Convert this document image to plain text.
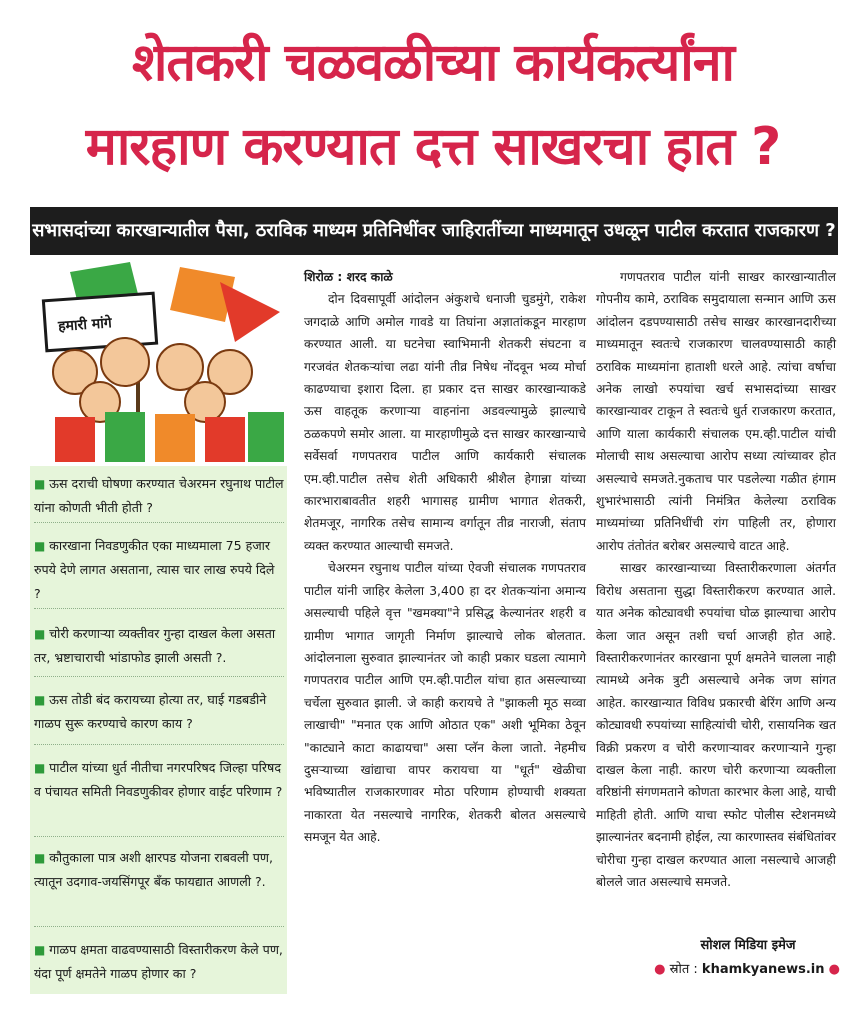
शेतकरी चळवळीच्या कार्यकर्त्यांना
मारहाण करण्यात दत्त साखरचा हात ?
सभासदांच्या कारखान्यातील पैसा, ठराविक माध्यम प्रतिनिधींवर जाहिरातींच्या माध्यमातून उधळून पाटील करतात राजकारण ?
हमारी मांगे
■ ऊस दराची घोषणा करण्यात चेअरमन रघुनाथ पाटील यांना कोणती भीती होती ?
■ कारखाना निवडणुकीत एका माध्यमाला 75 हजार रुपये देणे लागत असताना, त्यास चार लाख रुपये दिले ?
■ चोरी करणाऱ्या व्यक्तीवर गुन्हा दाखल केला असता तर, भ्रष्टाचाराची भांडाफोड झाली असती ?.
■ ऊस तोडी बंद करायच्या होत्या तर, घाई गडबडीने गाळप सुरू करण्याचे कारण काय ?
■ पाटील यांच्या धुर्त नीतीचा नगरपरिषद जिल्हा परिषद व पंचायत समिती निवडणुकीवर होणार वाईट परिणाम ?
■ कौतुकाला पात्र अशी क्षारपड योजना राबवली पण, त्यातून उदगाव-जयसिंगपूर बँक फायद्यात आणली ?.
■ गाळप क्षमता वाढवण्यासाठी विस्तारीकरण केले पण, यंदा पूर्ण क्षमतेने गाळप होणार का ?

शिरोळ : शरद काळे

दोन दिवसापूर्वी आंदोलन अंकुशचे धनाजी चुडमुंगे, राकेश जगदाळे आणि अमोल गावडे या तिघांना अज्ञातांकडून मारहाण करण्यात आली. या घटनेचा स्वाभिमानी शेतकरी संघटना व गरजवंत शेतकऱ्यांचा लढा यांनी तीव्र निषेध नोंदवून भव्य मोर्चा काढण्याचा इशारा दिला. हा प्रकार दत्त साखर कारखान्याकडे ऊस वाहतूक करणाऱ्या वाहनांना अडवल्यामुळे झाल्याचे ठळकपणे समोर आला. या मारहाणीमुळे दत्त साखर कारखान्याचे सर्वेसर्वा गणपतराव पाटील आणि कार्यकारी संचालक एम.व्ही.पाटील तसेच शेती अधिकारी श्रीशैल हेगान्ना यांच्या कारभाराबावतीत शहरी भागासह ग्रामीण भागात शेतकरी, शेतमजूर, नागरिक तसेच सामान्य वर्गातून तीव्र नाराजी, संताप व्यक्त करण्यात आल्याची समजते.

चेअरमन रघुनाथ पाटील यांच्या ऐवजी संचालक गणपतराव पाटील यांनी जाहिर केलेला 3,400 हा दर शेतकऱ्यांना अमान्य असल्याची पहिले वृत्त "खमक्या"ने प्रसिद्ध केल्यानंतर शहरी व ग्रामीण भागात जागृती निर्माण झाल्याचे लोक बोलतात. आंदोलनाला सुरुवात झाल्यानंतर जो काही प्रकार घडला त्यामागे गणपतराव पाटील आणि एम.व्ही.पाटील यांचा हात असल्याच्या चर्चेला सुरुवात झाली. जे काही करायचे ते "झाकली मूठ सव्वा लाखाची" "मनात एक आणि ओठात एक" अशी भूमिका ठेवून "काट्याने काटा काढायचा" असा प्लॅन केला जातो. नेहमीच दुसऱ्याच्या खांद्याचा वापर करायचा या "धूर्त" खेळीचा भविष्यातील राजकारणावर मोठा परिणाम होण्याची शक्यता नाकारता येत नसल्याचे नागरिक, शेतकरी बोलत असल्याचे समजून येत आहे.

गणपतराव पाटील यांनी साखर कारखान्यातील गोपनीय कामे, ठराविक समुदायाला सन्मान आणि ऊस आंदोलन दडपण्यासाठी तसेच साखर कारखानदारीच्या माध्यमातून स्वतःचे राजकारण चालवण्यासाठी काही ठराविक माध्यमांना हाताशी धरले आहे. त्यांचा वर्षाचा अनेक लाखो रुपयांचा खर्च सभासदांच्या साखर कारखान्यावर टाकून ते स्वतःचे धुर्त राजकारण करतात, आणि याला कार्यकारी संचालक एम.व्ही.पाटील यांची मोलाची साथ असल्याचा आरोप सध्या त्यांच्यावर होत असल्याचे समजते.नुकताच पार पडलेल्या गळीत हंगाम शुभारंभासाठी त्यांनी निमंत्रित केलेल्या ठराविक माध्यमांच्या प्रतिनिधींची रांग पाहिली तर, होणारा आरोप तंतोतंत बरोबर असल्याचे वाटत आहे.

साखर कारखान्याच्या विस्तारीकरणाला अंतर्गत विरोध असताना सुद्धा विस्तारीकरण करण्यात आले. यात अनेक कोट्यावधी रुपयांचा घोळ झाल्याचा आरोप केला जात असून तशी चर्चा आजही होत आहे. विस्तारीकरणानंतर कारखाना पूर्ण क्षमतेने चालला नाही त्यामध्ये अनेक त्रुटी असल्याचे अनेक जण सांगत आहेत. कारखान्यात विविध प्रकारची बेरिंग आणि अन्य कोट्यावधी रुपयांच्या साहित्यांची चोरी, रासायनिक खत विक्री प्रकरण व चोरी करणाऱ्यावर करणाऱ्याने गुन्हा दाखल केला नाही. कारण चोरी करणाऱ्या व्यक्तीला वरिष्ठांनी संगणमताने कोणता कारभार केला आहे, याची माहिती होती. आणि याचा स्फोट पोलीस स्टेशनमध्ये झाल्यानंतर बदनामी होईल, त्या कारणास्तव संबंधितांवर चोरीचा गुन्हा दाखल करण्यात आला नसल्याचे आजही बोलले जात असल्याचे समजते.

सोशल मिडिया इमेज
● स्रोत : khamkyanews.in ●
